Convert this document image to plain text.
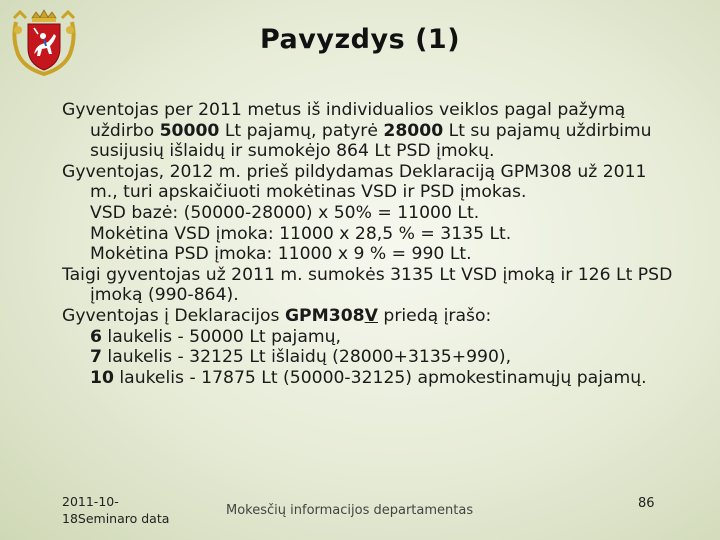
Pavyzdys (1)

Gyventojas per 2011 metus iš individualios veiklos pagal pažymą uždirbo 50000 Lt pajamų, patyrė 28000 Lt su pajamų uždirbimu susijusių išlaidų ir sumokėjo 864 Lt PSD įmokų.

Gyventojas, 2012 m. prieš pildydamas Deklaraciją GPM308 už 2011 m., turi apskaičiuoti mokėtinas VSD ir PSD įmokas.

VSD bazė: (50000-28000) x 50% = 11000 Lt.

Mokėtina VSD įmoka: 11000 x 28,5 % = 3135 Lt.

Mokėtina PSD įmoka: 11000 x 9 % = 990 Lt.

Taigi gyventojas už 2011 m. sumokės 3135 Lt VSD įmoką ir 126 Lt PSD įmoką (990-864).

Gyventojas į Deklaracijos GPM308V priedą įrašo:

6 laukelis - 50000 Lt pajamų,

7 laukelis - 32125 Lt išlaidų (28000+3135+990),

10 laukelis - 17875 Lt (50000-32125) apmokestinamųjų pajamų.

2011-10-18Seminaro data
Mokesčių informacijos departamentas	86
